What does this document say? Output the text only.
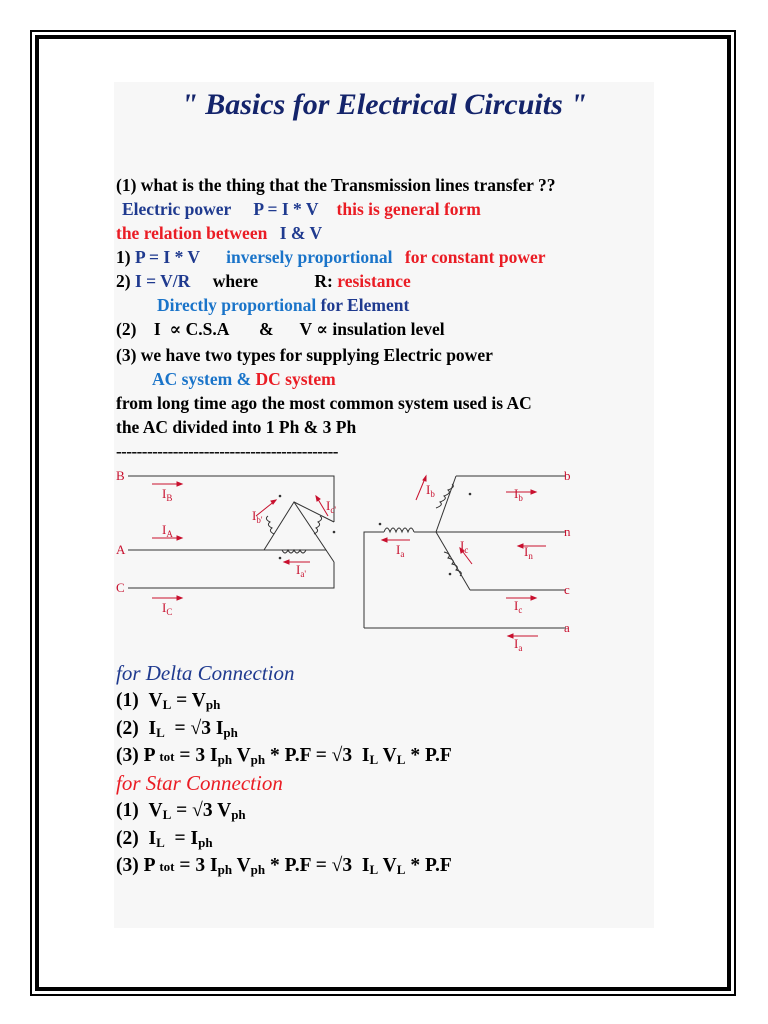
" Basics for Electrical Circuits "
(1) what is the thing that the Transmission lines transfer ??
Electric power P = I * V this is general form
the relation between I & V
1) P = I * V inversely proportional for constant power
2) I = V/R where	R: resistance
Directly proportional for Element
(2)    I  ∝ C.S.A       &      V ∝ insulation level
(3) we have two types for supplying Electric power
AC system & DC system
from long time ago the most common system used is AC
the AC divided into 1 Ph & 3 Ph
-------------------------------------------
B
A
C
b
n
c
a
$I_B$
$I_A$
$I_C$
$I_{b'}$
$I_{c'}$
$I_{a'}$
$I_b$	$I_b$
$I_a$
$I_c$	$I_n$
$I_c$
$I_a$
for Delta Connection
(1) $V_L = V_{ph}$
(2) $I_L = √3$ $I_{ph}$
(3) P tot = 3 $I_{ph}$ $V_{ph} * P.F = √3$  $I_L$ $V_L * P.F$
for Star Connection
(1) $V_L = √3$ $V_{ph}$
(2) $I_L = I_{ph}$
(3) P tot = 3 $I_{ph}$ $V_{ph} * P.F = √3$  $I_L$ $V_L * P.F$
